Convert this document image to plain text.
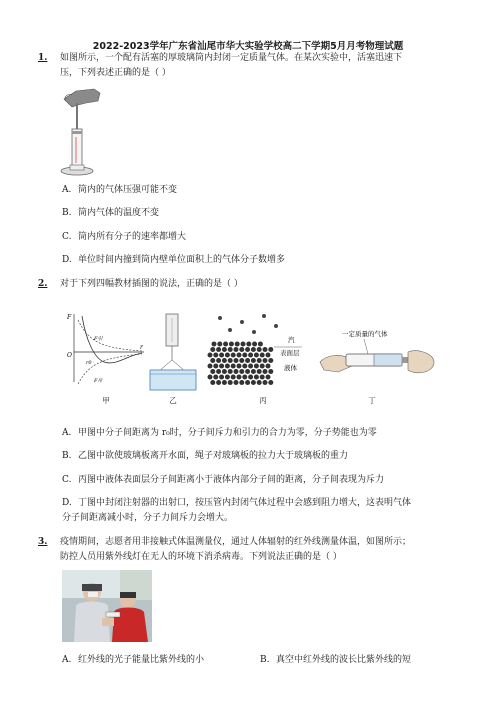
2022-2023学年广东省汕尾市华大实验学校高二下学期5月月考物理试题
1.	如图所示，一个配有活塞的厚玻璃筒内封闭一定质量气体。在某次实验中，活塞迅速下
压，下列表述正确的是（ ）
A. 筒内的气体压强可能不变
B. 筒内气体的温度不变
C. 筒内所有分子的速率都增大
D. 单位时间内撞到筒内壁单位面积上的气体分子数增多
2.	对于下列四幅教材插图的说法，正确的是（ ）
F
O
r
F引
F斥
r0
汽
表面层
液体
一定质量的气体
甲	乙	丙	丁
A. 甲图中分子间距离为 r₀时，分子间斥力和引力的合力为零，分子势能也为零
B. 乙图中欲使玻璃板离开水面，绳子对玻璃板的拉力大于玻璃板的重力
C. 丙图中液体表面层分子间距离小于液体内部分子间的距离，分子间表现为斥力
D. 丁图中封闭注射器的出射口，按压管内封闭气体过程中会感到阻力增大，这表明气体
分子间距离减小时，分子力间斥力会增大。
3.	疫情期间，志愿者用非接触式体温测量仪，通过人体辐射的红外线测量体温，如图所示；
防控人员用紫外线灯在无人的环境下消杀病毒。下列说法正确的是（ ）
A. 红外线的光子能量比紫外线的小	B. 真空中红外线的波长比紫外线的短
